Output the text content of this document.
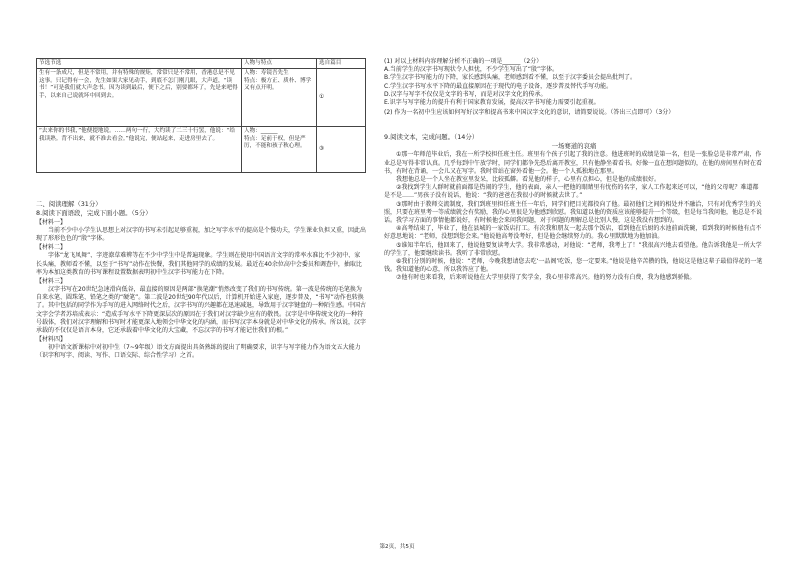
节选节选	人物与特点	选自篇目
生有一条成尺，但是不常用，并有特殊的规矩，常常只是不常用，香港总是不见这事。只记得有一会，先生如果大家见动手，到底不怎门刚几眼，大声道，“读书！”可是我们就大声念书。因为读到最后，便下之后，别要都坏了，先是来吧得手，以来自己说就坏中回到去。	人物：寿镜吾先生
特点：极方正、质朴、博学又有点开明。	①
“去来你的书我，”他便提地说。……两句一行，大约读了二三十行罢，他说：“给我读熟。背不出来，就不准去看会。”他说完，便站起来，走进房里去了。	人物：______
特点：足前于权，但是严厉，不能和孩子秋心理。	③

二、阅读理解（31分）

8.阅读下面语段，完成下面小题。（5分）

【材料一】

当前不少中小学生认思想上对汉字的书写未引起足够重视，加之写字水平的提高是个慢功夫，学生课业负担又重，因此出现了形形色色的“殷”字体。

【材料二】

字体“龙飞凤舞”、字迹潦草难辨等在不少中学生中是普遍现象。学生则在使用中国语言文字的常率水准比不少初中、家长头痛，教师看不懂，以至于“书写”动作在快餐，我们其他同学的成绩的发展。最近在40余位高中会委员和调查中，抽取比率为本加这类教育的书写课程设置数据表明初中生汉字书写能力在下降。

【材料三】

汉字书写在20世纪急速滑向低谷，最直接的原因是两部“换笔潮”悄然改变了我们的书写传统。第一波是传统的毛笔换为自来水笔、圆珠笔、铅笔之类的“硬笔”。第二波是20世纪90年代以后，计算机开始进入家庭，逐步普及，“书写”动作也转换了。其中包括的同学作为手写的进入网络时代之后，汉字书写的兴趣都在迅速减退，导致用于汉字键盘的一种陌生感。中国古文字会学者苏培成表示：“造成手写水平下降更深层次的原因在于我们对汉字缺少应有的敬畏。汉字是中华传统文化的一种符号载体，我们对汉字理解和书写时才能更深入地领会中华文化的内涵，而书写汉字本身就是对中华文化的传承。所以说，汉字承载的不仅仅是语言本身，它还承载着中华文化的大宝藏，不忘汉字的书写才能记住我们的根。”

【材料四】

初中语文新课标中对初中生（7~9年级）语文方面提出具备熟练的提出了明确要求，识字与写字能力作为语文五大能力（识字和写字、阅读、写作、口语交际、综合性学习）之首。

(1) 对以上材料内容理解分析不正确的一项是______（2分）

A.当前学生的汉字书写现状令人担忧，不少学生写出了“殷”字体。

B.学生汉字书写能力的下降，家长感到头痛，老师感到看不懂，以至于汉字委员会提出批判了。

C.学生汉字书写水平下降的最直接原因在于现代的电子设备，逐步普及替代手写功能。

D.汉字与写字不仅仅是文字的书写，而是对汉字文化的传承。

E.识字与写字能力的提升有利于国家教育发展，提高汉字书写能力需要引起重视。

(2) 作为一名初中生应该如何写好汉字和提高书来中国汉字文化的意识，请简要说说。（答出三点即可）（3分）

9.阅读文本，完成问题。（14分）

一场赛道的哀痛

①那一年师范毕业后，我在一所学校担任班主任。班里有个孩子引起了我的注意。他进班时的成绩是第一名，但是一张脸总是非常严肃，作业总是写得非常认真。几乎每到中午放学时，同学们都争先恐后离开教室，只有他静坐着看书。好像一直在想问题似的，在他的房间里有时在看书，有时在背诵，一会儿又在写字。我时常站在窗外看他一会。他一个人孤独地在那里。

我想他总是一个人坐在教室里发呆，比较孤僻。看见他的样子，心里有点担心，但是他的成绩很好。

②我找到学生人群时就前面都是热闹的学生，他的表面，亲人一把他的眼睛里有忧伤的名字，家人工作起来还可以，“他的父母呢？难道都是不是……”男孩子没有说话，他说：“我的爸爸在我很小的时候就去世了。”

③那时由于教师交流制度，我们到班里担任班主任一年后，同学们把目光都投向了他。最初他们之间的相处并不融洽，只有对优秀学生的关照，只要在班里考一等成绩就会有奖励，我的心里很是为他感到欣慰。我知道以他的资质应该能够提升一个等级，但是每当我问他，他总是不说话。我学习方面的事情他都说好，有时候他会来问我问题，对于问题的理解总是比别人慢，这是我没有想到的。

④高考结束了，毕业了，他在县城的一家饭店打工。有次我和朋友一起去那个饭店，看到他在后厨的水池前面洗碗，看到我的时候他有点不好意思地说：“老师，没想到您会来。”他说他高考没考好，但是他会继续努力的。我心里默默地为他加油。

⑤谁知半年后，他回来了，他说他要复读考大学。我非常感动，对他说：“老师，我考上了！”我很高兴地去看望他。他告诉我他是一所大学的学生了，他要继续读书。我听了非常欣慰。

⑥我们分别的时候，他说：“老师，今晚我想请您去吃‘一品阁’吃饭，您一定要来。”他说是他辛苦攒的钱，他说这是他这辈子最值得花的一笔钱。我知道他的心意，所以我答应了他。

⑦他有时也来看我，后来听说他在大学里获得了奖学金，我心里非常高兴。他的努力没有白费，我为他感到骄傲。

第2页，共5页
